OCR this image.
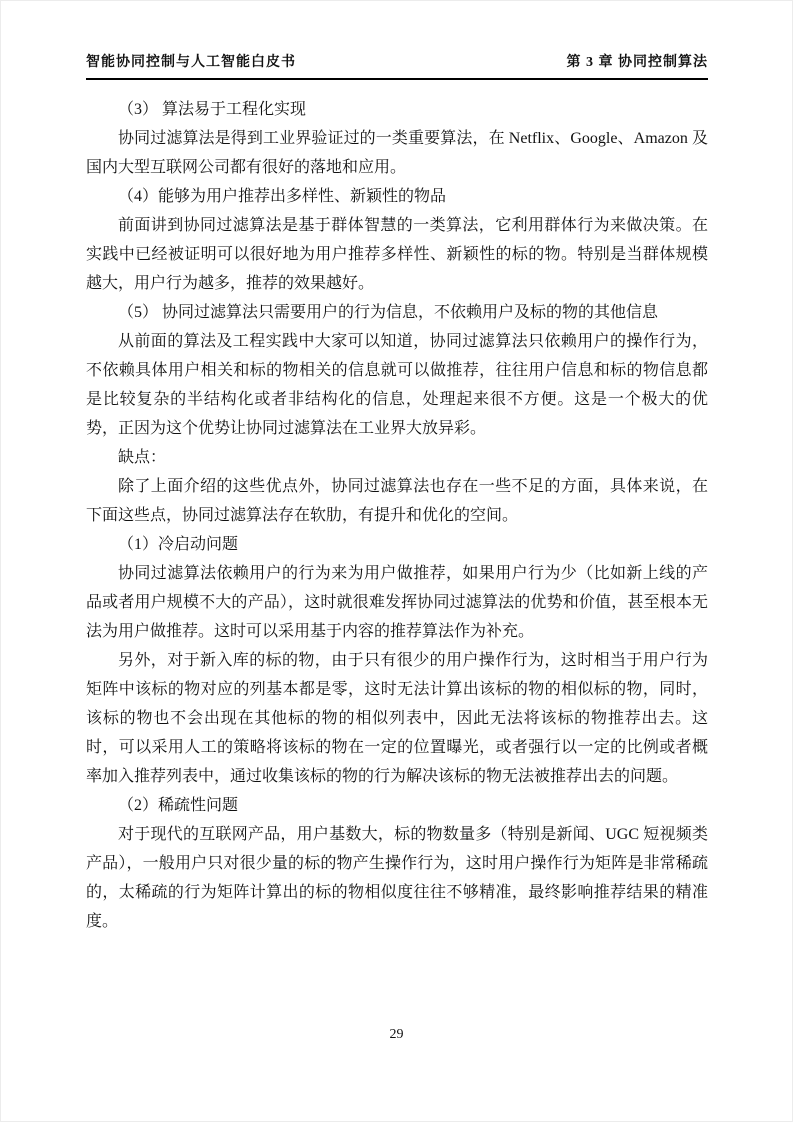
智能协同控制与人工智能白皮书	第 3 章 协同控制算法

（3） 算法易于工程化实现

协同过滤算法是得到工业界验证过的一类重要算法，在 Netflix、Google、Amazon 及国内大型互联网公司都有很好的落地和应用。

（4）能够为用户推荐出多样性、新颖性的物品

前面讲到协同过滤算法是基于群体智慧的一类算法，它利用群体行为来做决策。在实践中已经被证明可以很好地为用户推荐多样性、新颖性的标的物。特别是当群体规模越大，用户行为越多，推荐的效果越好。

（5） 协同过滤算法只需要用户的行为信息，不依赖用户及标的物的其他信息

从前面的算法及工程实践中大家可以知道，协同过滤算法只依赖用户的操作行为，不依赖具体用户相关和标的物相关的信息就可以做推荐，往往用户信息和标的物信息都是比较复杂的半结构化或者非结构化的信息，处理起来很不方便。这是一个极大的优势，正因为这个优势让协同过滤算法在工业界大放异彩。

缺点：

除了上面介绍的这些优点外，协同过滤算法也存在一些不足的方面，具体来说，在下面这些点，协同过滤算法存在软肋，有提升和优化的空间。

（1）冷启动问题

协同过滤算法依赖用户的行为来为用户做推荐，如果用户行为少（比如新上线的产品或者用户规模不大的产品），这时就很难发挥协同过滤算法的优势和价值，甚至根本无法为用户做推荐。这时可以采用基于内容的推荐算法作为补充。

另外，对于新入库的标的物，由于只有很少的用户操作行为，这时相当于用户行为矩阵中该标的物对应的列基本都是零，这时无法计算出该标的物的相似标的物，同时，该标的物也不会出现在其他标的物的相似列表中，因此无法将该标的物推荐出去。这时，可以采用人工的策略将该标的物在一定的位置曝光，或者强行以一定的比例或者概率加入推荐列表中，通过收集该标的物的行为解决该标的物无法被推荐出去的问题。

（2）稀疏性问题

对于现代的互联网产品，用户基数大，标的物数量多（特别是新闻、UGC 短视频类产品），一般用户只对很少量的标的物产生操作行为，这时用户操作行为矩阵是非常稀疏的，太稀疏的行为矩阵计算出的标的物相似度往往不够精准，最终影响推荐结果的精准度。

29
